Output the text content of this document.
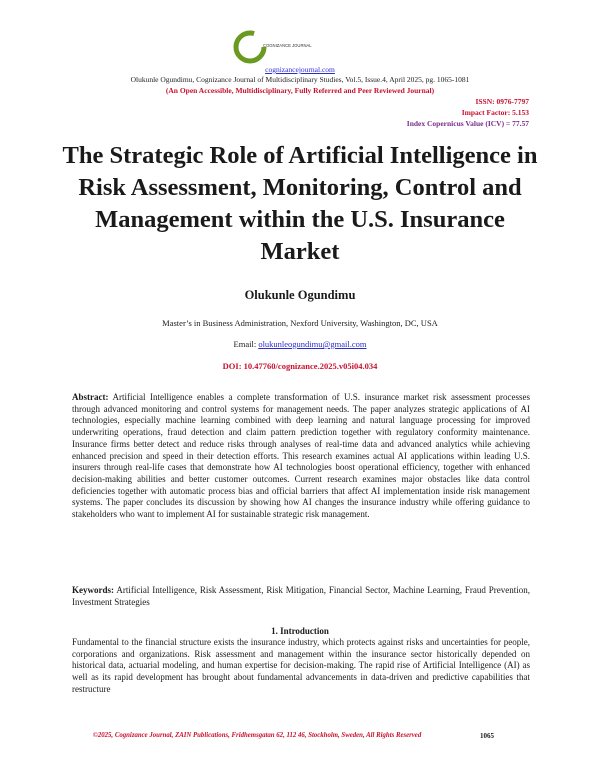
COGNIZANCE JOURNAL
cognizancejournal.com
Olukunle Ogundimu, Cognizance Journal of Multidisciplinary Studies, Vol.5, Issue.4, April 2025, pg. 1065-1081
(An Open Accessible, Multidisciplinary, Fully Referred and Peer Reviewed Journal)
ISSN: 0976-7797
Impact Factor: 5.153
Index Copernicus Value (ICV) = 77.57
The Strategic Role of Artificial Intelligence in Risk Assessment, Monitoring, Control and Management within the U.S. Insurance Market
Olukunle Ogundimu
Master’s in Business Administration, Nexford University, Washington, DC, USA
Email: olukunleogundimu@gmail.com
DOI: 10.47760/cognizance.2025.v05i04.034
Abstract: Artificial Intelligence enables a complete transformation of U.S. insurance market risk assessment processes through advanced monitoring and control systems for management needs. The paper analyzes strategic applications of AI technologies, especially machine learning combined with deep learning and natural language processing for improved underwriting operations, fraud detection and claim pattern prediction together with regulatory conformity maintenance. Insurance firms better detect and reduce risks through analyses of real-time data and advanced analytics while achieving enhanced precision and speed in their detection efforts. This research examines actual AI applications within leading U.S. insurers through real-life cases that demonstrate how AI technologies boost operational efficiency, together with enhanced decision-making abilities and better customer outcomes. Current research examines major obstacles like data control deficiencies together with automatic process bias and official barriers that affect AI implementation inside risk management systems. The paper concludes its discussion by showing how AI changes the insurance industry while offering guidance to stakeholders who want to implement AI for sustainable strategic risk management.
Keywords: Artificial Intelligence, Risk Assessment, Risk Mitigation, Financial Sector, Machine Learning, Fraud Prevention, Investment Strategies
1. Introduction
Fundamental to the financial structure exists the insurance industry, which protects against risks and uncertainties for people, corporations and organizations. Risk assessment and management within the insurance sector historically depended on historical data, actuarial modeling, and human expertise for decision-making. The rapid rise of Artificial Intelligence (AI) as well as its rapid development has brought about fundamental advancements in data-driven and predictive capabilities that restructure
©2025, Cognizance Journal, ZAIN Publications, Fridhemsgatan 62, 112 46, Stockholm, Sweden, All Rights Reserved	1065
